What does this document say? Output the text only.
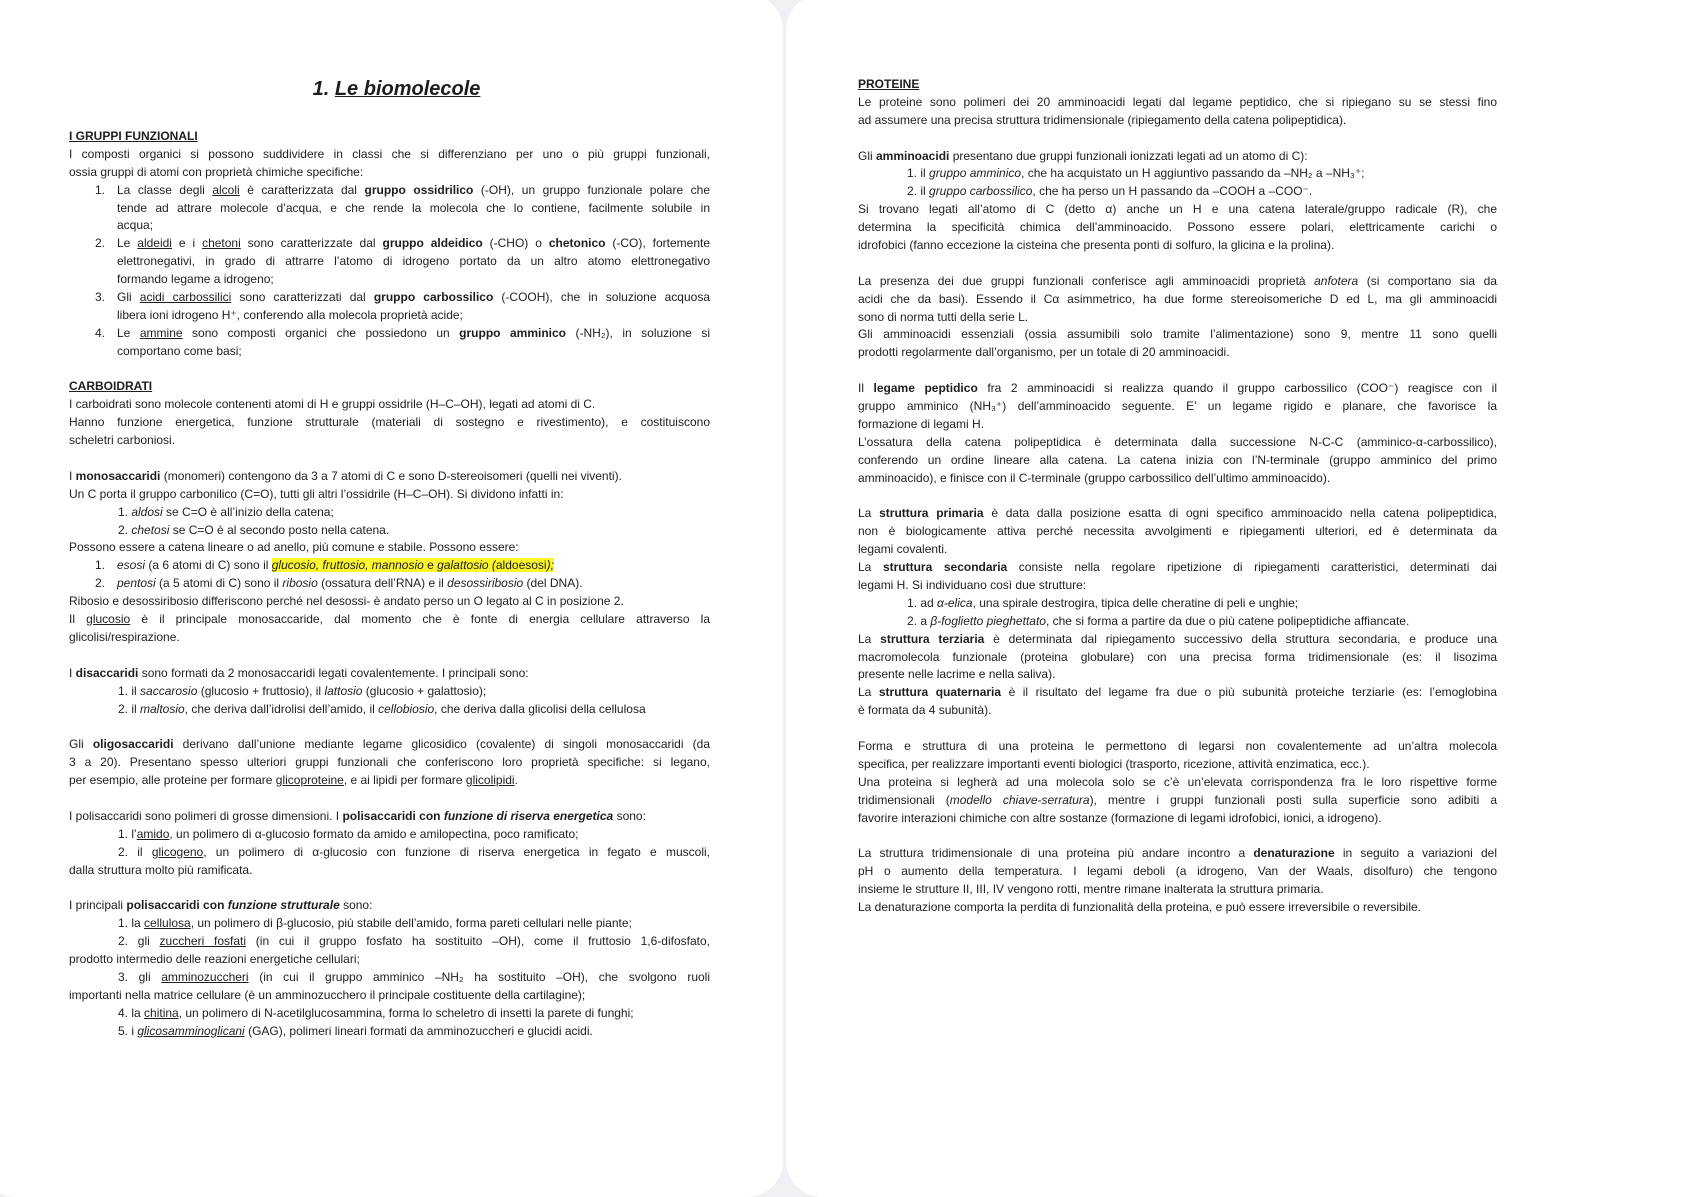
1. Le biomolecole
I GRUPPI FUNZIONALI
I composti organici si possono suddividere in classi che si differenziano per uno o più gruppi funzionali,
ossia gruppi di atomi con proprietà chimiche specifiche:
1. La classe degli alcoli è caratterizzata dal gruppo ossidrilico (-OH), un gruppo funzionale polare che
tende ad attrare molecole d’acqua, e che rende la molecola che lo contiene, facilmente solubile in
acqua;
2. Le aldeidi e i chetoni sono caratterizzate dal gruppo aldeidico (-CHO) o chetonico (-CO), fortemente
elettronegativi, in grado di attrarre l’atomo di idrogeno portato da un altro atomo elettronegativo
formando legame a idrogeno;
3. Gli acidi carbossilici sono caratterizzati dal gruppo carbossilico (-COOH), che in soluzione acquosa
libera ioni idrogeno H⁺, conferendo alla molecola proprietà acide;
4. Le ammine sono composti organici che possiedono un gruppo amminico (-NH₂), in soluzione si
comportano come basi;
CARBOIDRATI
I carboidrati sono molecole contenenti atomi di H e gruppi ossidrile (H–C–OH), legati ad atomi di C.
Hanno funzione energetica, funzione strutturale (materiali di sostegno e rivestimento), e costituiscono
scheletri carboniosi.
I monosaccaridi (monomeri) contengono da 3 a 7 atomi di C e sono D-stereoisomeri (quelli nei viventi).
Un C porta il gruppo carbonilico (C=O), tutti gli altri l’ossidrile (H–C–OH). Si dividono infatti in:
1. aldosi se C=O è all’inizio della catena;
2. chetosi se C=O è al secondo posto nella catena.
Possono essere a catena lineare o ad anello, più comune e stabile. Possono essere:
1. esosi (a 6 atomi di C) sono il glucosio, fruttosio, mannosio e galattosio (aldoesosi);
2. pentosi (a 5 atomi di C) sono il ribosio (ossatura dell’RNA) e il desossiribosio (del DNA).
Ribosio e desossiribosio differiscono perché nel desossi- è andato perso un O legato al C in posizione 2.
Il glucosio è il principale monosaccaride, dal momento che è fonte di energia cellulare attraverso la
glicolisi/respirazione.
I disaccaridi sono formati da 2 monosaccaridi legati covalentemente. I principali sono:
1. il saccarosio (glucosio + fruttosio), il lattosio (glucosio + galattosio);
2. il maltosio, che deriva dall’idrolisi dell’amido, il cellobiosio, che deriva dalla glicolisi della cellulosa
Gli oligosaccaridi derivano dall’unione mediante legame glicosidico (covalente) di singoli monosaccaridi (da
3 a 20). Presentano spesso ulteriori gruppi funzionali che conferiscono loro proprietà specifiche: si legano,
per esempio, alle proteine per formare glicoproteine, e ai lipidi per formare glicolipidi.
I polisaccaridi sono polimeri di grosse dimensioni. I polisaccaridi con funzione di riserva energetica sono:
1. l’amido, un polimero di α-glucosio formato da amido e amilopectina, poco ramificato;
2. il glicogeno, un polimero di α-glucosio con funzione di riserva energetica in fegato e muscoli,
dalla struttura molto più ramificata.
I principali polisaccaridi con funzione strutturale sono:
1. la cellulosa, un polimero di β-glucosio, più stabile dell’amido, forma pareti cellulari nelle piante;
2. gli zuccheri fosfati (in cui il gruppo fosfato ha sostituito –OH), come il fruttosio 1,6-difosfato,
prodotto intermedio delle reazioni energetiche cellulari;
3. gli amminozuccheri (in cui il gruppo amminico –NH₂ ha sostituito –OH), che svolgono ruoli
importanti nella matrice cellulare (è un amminozucchero il principale costituente della cartilagine);
4. la chitina, un polimero di N-acetilglucosammina, forma lo scheletro di insetti la parete di funghi;
5. i glicosamminoglicani (GAG), polimeri lineari formati da amminozuccheri e glucidi acidi.
PROTEINE
Le proteine sono polimeri dei 20 amminoacidi legati dal legame peptidico, che si ripiegano su se stessi fino
ad assumere una precisa struttura tridimensionale (ripiegamento della catena polipeptidica).
Gli amminoacidi presentano due gruppi funzionali ionizzati legati ad un atomo di C):
1. il gruppo amminico, che ha acquistato un H aggiuntivo passando da –NH₂ a –NH₃⁺;
2. il gruppo carbossilico, che ha perso un H passando da –COOH a –COO⁻.
Si trovano legati all’atomo di C (detto α) anche un H e una catena laterale/gruppo radicale (R), che
determina la specificità chimica dell’amminoacido. Possono essere polari, elettricamente carichi o
idrofobici (fanno eccezione la cisteina che presenta ponti di solfuro, la glicina e la prolina).
La presenza dei due gruppi funzionali conferisce agli amminoacidi proprietà anfotera (si comportano sia da
acidi che da basi). Essendo il Cα asimmetrico, ha due forme stereoisomeriche D ed L, ma gli amminoacidi
sono di norma tutti della serie L.
Gli amminoacidi essenziali (ossia assumibili solo tramite l’alimentazione) sono 9, mentre 11 sono quelli
prodotti regolarmente dall’organismo, per un totale di 20 amminoacidi.
Il legame peptidico fra 2 amminoacidi si realizza quando il gruppo carbossilico (COO⁻) reagisce con il
gruppo amminico (NH₃⁺) dell’amminoacido seguente. E’ un legame rigido e planare, che favorisce la
formazione di legami H.
L’ossatura della catena polipeptidica è determinata dalla successione N-C-C (amminico-α-carbossilico),
conferendo un ordine lineare alla catena. La catena inizia con l’N-terminale (gruppo amminico del primo
amminoacido), e finisce con il C-terminale (gruppo carbossilico dell’ultimo amminoacido).
La struttura primaria è data dalla posizione esatta di ogni specifico amminoacido nella catena polipeptidica,
non è biologicamente attiva perché necessita avvolgimenti e ripiegamenti ulteriori, ed è determinata da
legami covalenti.
La struttura secondaria consiste nella regolare ripetizione di ripiegamenti caratteristici, determinati dai
legami H. Si individuano così due strutture:
1. ad α-elica, una spirale destrogira, tipica delle cheratine di peli e unghie;
2. a β-foglietto pieghettato, che si forma a partire da due o più catene polipeptidiche affiancate.
La struttura terziaria è determinata dal ripiegamento successivo della struttura secondaria, e produce una
macromolecola funzionale (proteina globulare) con una precisa forma tridimensionale (es: il lisozima
presente nelle lacrime e nella saliva).
La struttura quaternaria è il risultato del legame fra due o più subunità proteiche terziarie (es: l’emoglobina
è formata da 4 subunità).
Forma e struttura di una proteina le permettono di legarsi non covalentemente ad un’altra molecola
specifica, per realizzare importanti eventi biologici (trasporto, ricezione, attività enzimatica, ecc.).
Una proteina si legherà ad una molecola solo se c’è un’elevata corrispondenza fra le loro rispettive forme
tridimensionali (modello chiave-serratura), mentre i gruppi funzionali posti sulla superficie sono adibiti a
favorire interazioni chimiche con altre sostanze (formazione di legami idrofobici, ionici, a idrogeno).
La struttura tridimensionale di una proteina più andare incontro a denaturazione in seguito a variazioni del
pH o aumento della temperatura. I legami deboli (a idrogeno, Van der Waals, disolfuro) che tengono
insieme le strutture II, III, IV vengono rotti, mentre rimane inalterata la struttura primaria.
La denaturazione comporta la perdita di funzionalità della proteina, e può essere irreversibile o reversibile.
